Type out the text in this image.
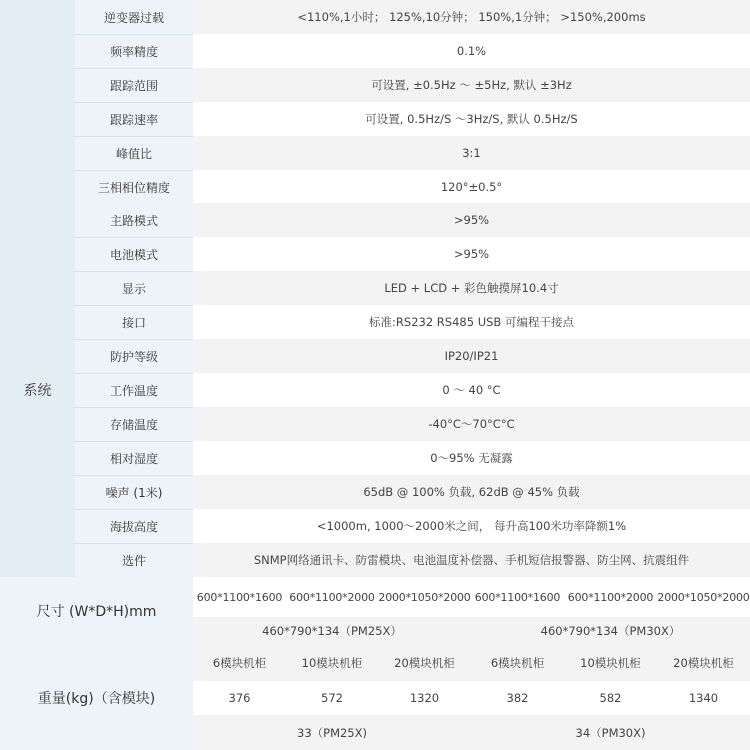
逆变器过载	<110%,1小时； 125%,10分钟； 150%,1分钟； >150%,200ms
频率精度	0.1%
跟踪范围	可设置, ±0.5Hz ～ ±5Hz, 默认 ±3Hz
跟踪速率	可设置, 0.5Hz/S ～3Hz/S, 默认 0.5Hz/S
峰值比	3:1
三相相位精度	120°±0.5°
系统
主路模式	>95%
电池模式	>95%
显示	LED + LCD + 彩色触摸屏10.4寸
接口	标准:RS232 RS485 USB 可编程干接点
防护等级	IP20/IP21
工作温度	0 ～ 40 °C
存储温度	-40°C～70°C°C
相对湿度	0～95% 无凝露
噪声 (1米)	65dB @ 100% 负载, 62dB @ 45% 负载
海拔高度	<1000m, 1000～2000米之间， 每升高100米功率降额1%
选件	SNMP网络通讯卡、防雷模块、电池温度补偿器、手机短信报警器、防尘网、抗震组件
尺寸 (W*D*H)mm
600*1100*1600 600*1100*2000 2000*1050*2000 600*1100*1600 600*1100*2000 2000*1050*2000
460*790*134（PM25X）	460*790*134（PM30X）
重量(kg)（含模块)
6模块机柜	10模块机柜	20模块机柜	6模块机柜	10模块机柜	20模块机柜
376	572	1320	382	582	1340
33（PM25X)	34（PM30X)
